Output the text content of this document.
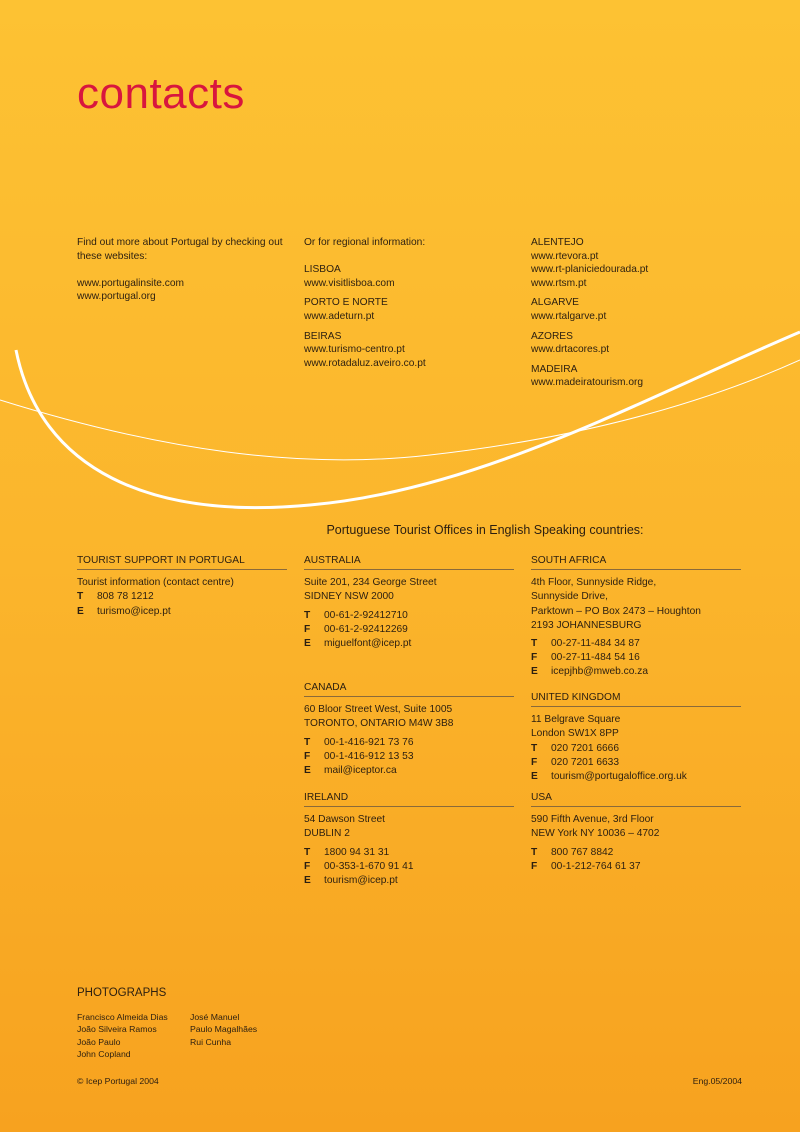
contacts

Find out more about Portugal by checking out these websites:

www.portugalinsite.com

www.portugal.org

Or for regional information:

LISBOA

www.visitlisboa.com

PORTO E NORTE

www.adeturn.pt

BEIRAS

www.turismo-centro.pt

www.rotadaluz.aveiro.co.pt

ALENTEJO

www.rtevora.pt

www.rt-planiciedourada.pt

www.rtsm.pt

ALGARVE

www.rtalgarve.pt

AZORES

www.drtacores.pt

MADEIRA

www.madeiratourism.org

Portuguese Tourist Offices in English Speaking countries:
TOURIST SUPPORT IN PORTUGAL

Tourist information (contact centre)

T	808 78 1212
E	turismo@icep.pt
AUSTRALIA

Suite 201, 234 George Street

SIDNEY NSW 2000

T	00-61-2-92412710
F	00-61-2-92412269
E	miguelfont@icep.pt
CANADA

60 Bloor Street West, Suite 1005

TORONTO, ONTARIO M4W 3B8

T	00-1-416-921 73 76
F	00-1-416-912 13 53
E	mail@iceptor.ca
IRELAND

54 Dawson Street

DUBLIN 2

T	1800 94 31 31
F	00-353-1-670 91 41
E	tourism@icep.pt
SOUTH AFRICA

4th Floor, Sunnyside Ridge,

Sunnyside Drive,

Parktown – PO Box 2473 – Houghton

2193 JOHANNESBURG

T	00-27-11-484 34 87
F	00-27-11-484 54 16
E	icepjhb@mweb.co.za
UNITED KINGDOM

11 Belgrave Square

London SW1X 8PP

T	020 7201 6666
F	020 7201 6633
E	tourism@portugaloffice.org.uk
USA

590 Fifth Avenue, 3rd Floor

NEW York NY 10036 – 4702

T	800 767 8842
F	00-1-212-764 61 37
PHOTOGRAPHS

Francisco Almeida Dias

João Silveira Ramos

João Paulo

John Copland

José Manuel

Paulo Magalhães

Rui Cunha

© Icep Portugal 2004	Eng.05/2004
